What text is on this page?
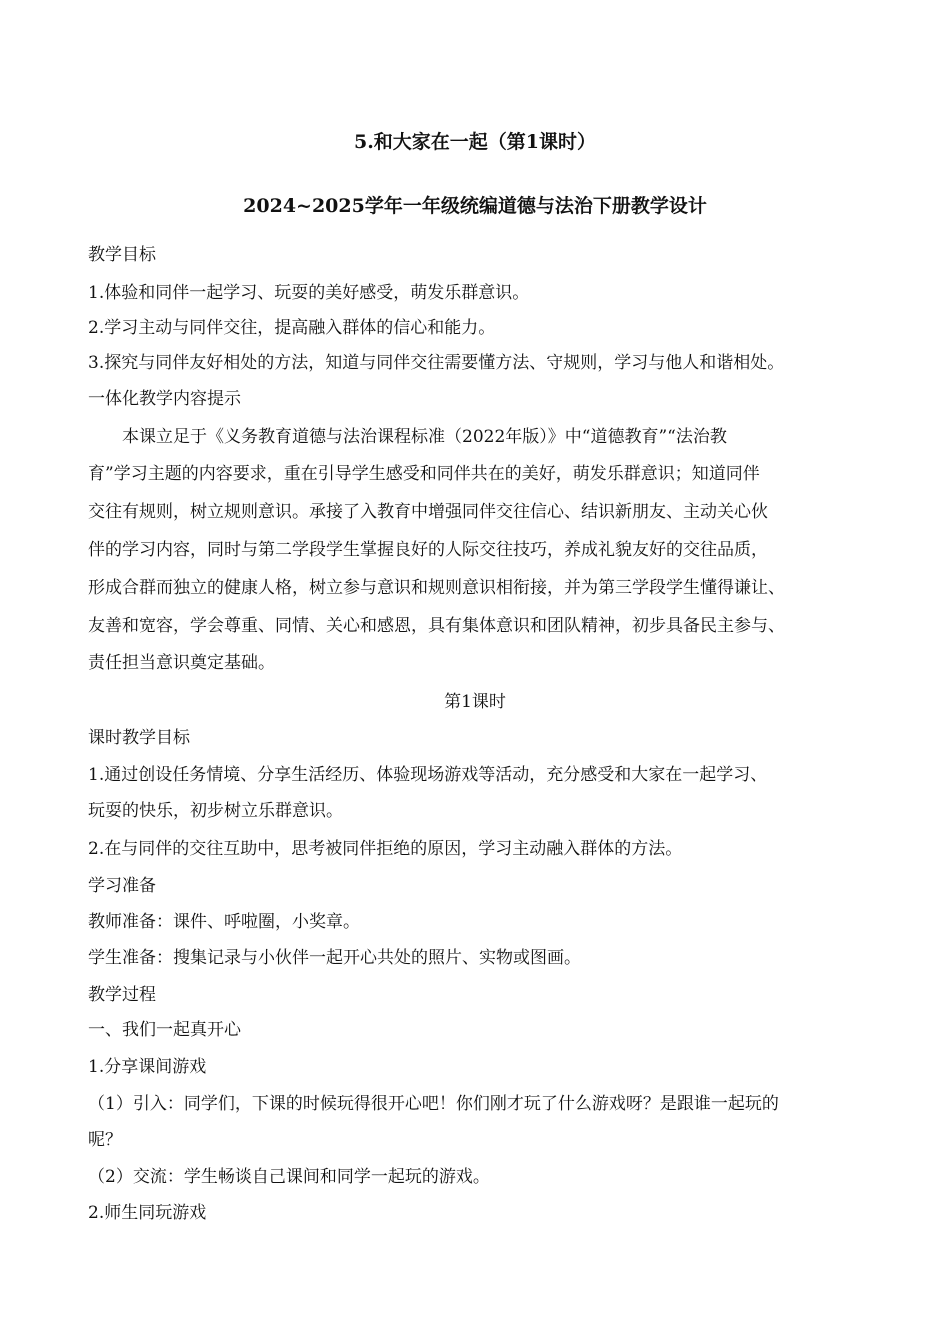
5.和大家在一起（第1课时）
2024~2025学年一年级统编道德与法治下册教学设计
教学目标
1.体验和同伴一起学习、玩耍的美好感受，萌发乐群意识。
2.学习主动与同伴交往，提高融入群体的信心和能力。
3.探究与同伴友好相处的方法，知道与同伴交往需要懂方法、守规则，学习与他人和谐相处。
一体化教学内容提示
本课立足于《义务教育道德与法治课程标准（2022年版）》中“道德教育”“法治教
育”学习主题的内容要求，重在引导学生感受和同伴共在的美好，萌发乐群意识；知道同伴
交往有规则，树立规则意识。承接了入教育中增强同伴交往信心、结识新朋友、主动关心伙
伴的学习内容，同时与第二学段学生掌握良好的人际交往技巧，养成礼貌友好的交往品质，
形成合群而独立的健康人格，树立参与意识和规则意识相衔接，并为第三学段学生懂得谦让、
友善和宽容，学会尊重、同情、关心和感恩，具有集体意识和团队精神，初步具备民主参与、
责任担当意识奠定基础。
第1课时
课时教学目标
1.通过创设任务情境、分享生活经历、体验现场游戏等活动，充分感受和大家在一起学习、
玩耍的快乐，初步树立乐群意识。
2.在与同伴的交往互助中，思考被同伴拒绝的原因，学习主动融入群体的方法。
学习准备
教师准备：课件、呼啦圈，小奖章。
学生准备：搜集记录与小伙伴一起开心共处的照片、实物或图画。
教学过程
一、我们一起真开心
1.分享课间游戏
（1）引入：同学们，下课的时候玩得很开心吧！你们刚才玩了什么游戏呀？是跟谁一起玩的
呢？
（2）交流：学生畅谈自己课间和同学一起玩的游戏。
2.师生同玩游戏
